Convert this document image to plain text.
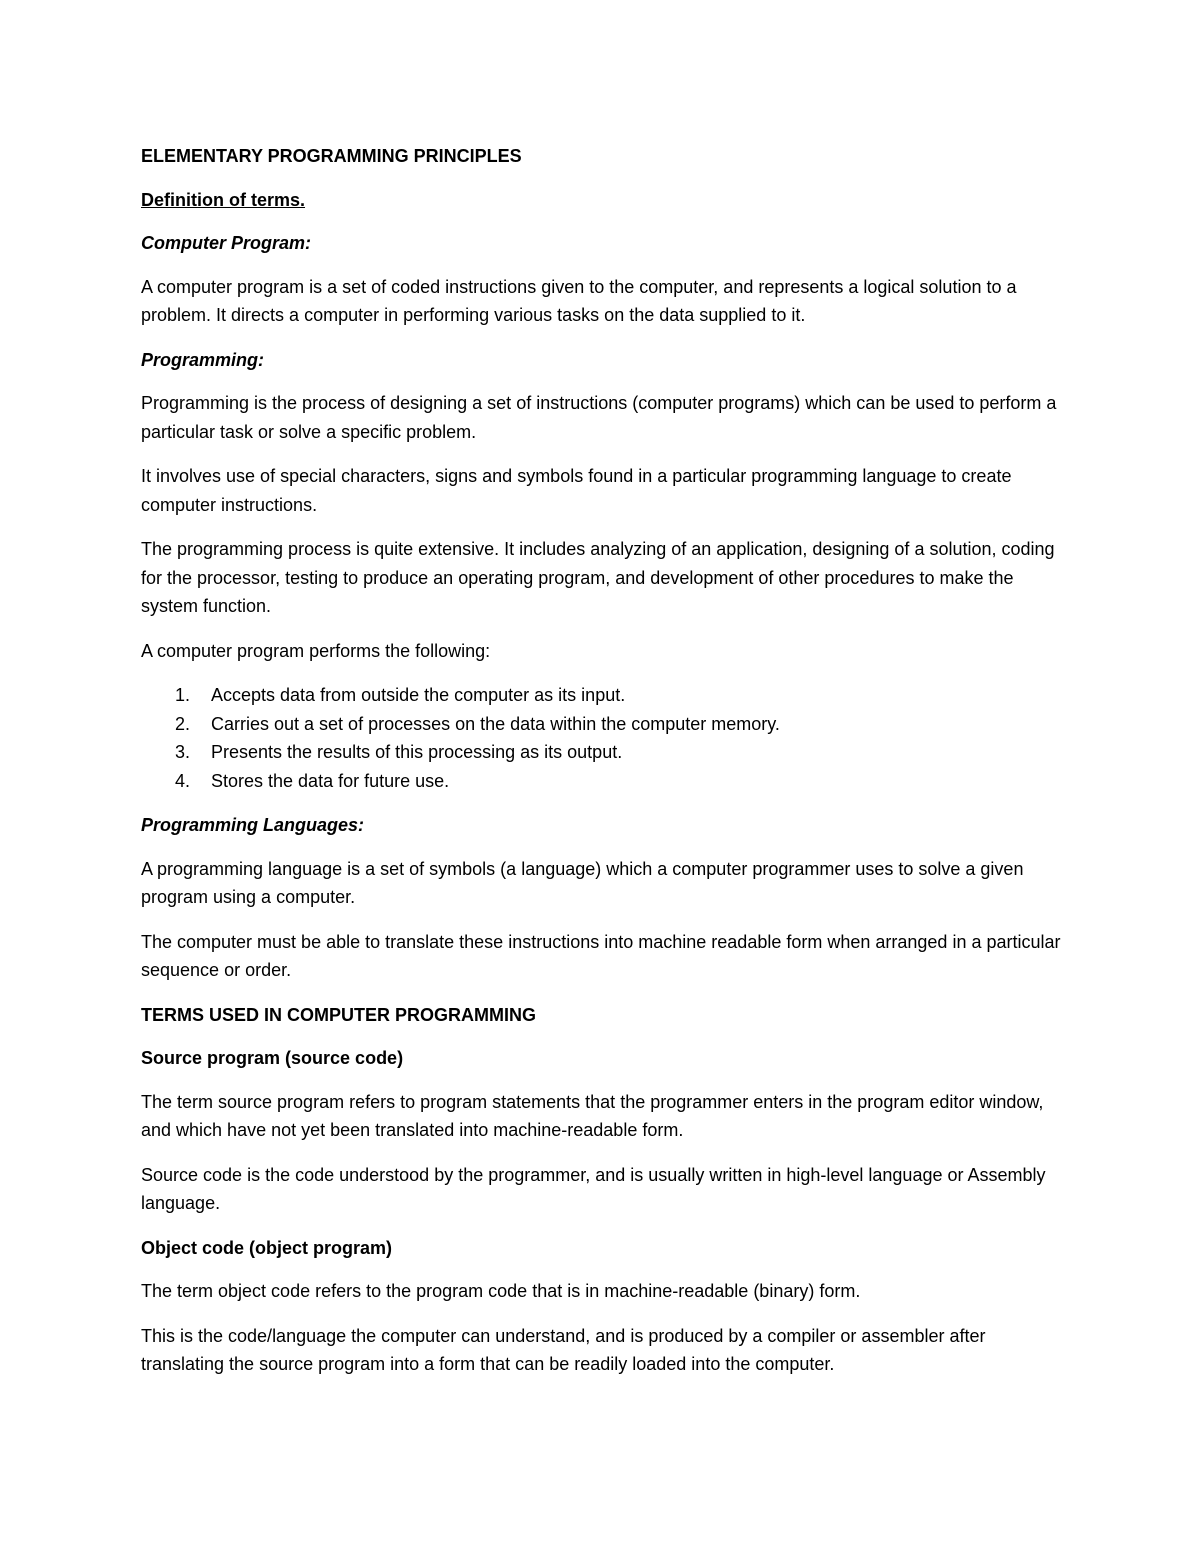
ELEMENTARY PROGRAMMING PRINCIPLES
Definition of terms.
Computer Program:
A computer program is a set of coded instructions given to the computer, and represents a logical solution to a problem. It directs a computer in performing various tasks on the data supplied to it.
Programming:
Programming is the process of designing a set of instructions (computer programs) which can be used to perform a particular task or solve a specific problem.
It involves use of special characters, signs and symbols found in a particular programming language to create computer instructions.
The programming process is quite extensive. It includes analyzing of an application, designing of a solution, coding for the processor, testing to produce an operating program, and development of other procedures to make the system function.
A computer program performs the following:
1. Accepts data from outside the computer as its input.
2. Carries out a set of processes on the data within the computer memory.
3. Presents the results of this processing as its output.
4. Stores the data for future use.
Programming Languages:
A programming language is a set of symbols (a language) which a computer programmer uses to solve a given program using a computer.
The computer must be able to translate these instructions into machine readable form when arranged in a particular sequence or order.
TERMS USED IN COMPUTER PROGRAMMING
Source program (source code)
The term source program refers to program statements that the programmer enters in the program editor window, and which have not yet been translated into machine-readable form.
Source code is the code understood by the programmer, and is usually written in high-level language or Assembly language.
Object code (object program)
The term object code refers to the program code that is in machine-readable (binary) form.
This is the code/language the computer can understand, and is produced by a compiler or assembler after translating the source program into a form that can be readily loaded into the computer.
